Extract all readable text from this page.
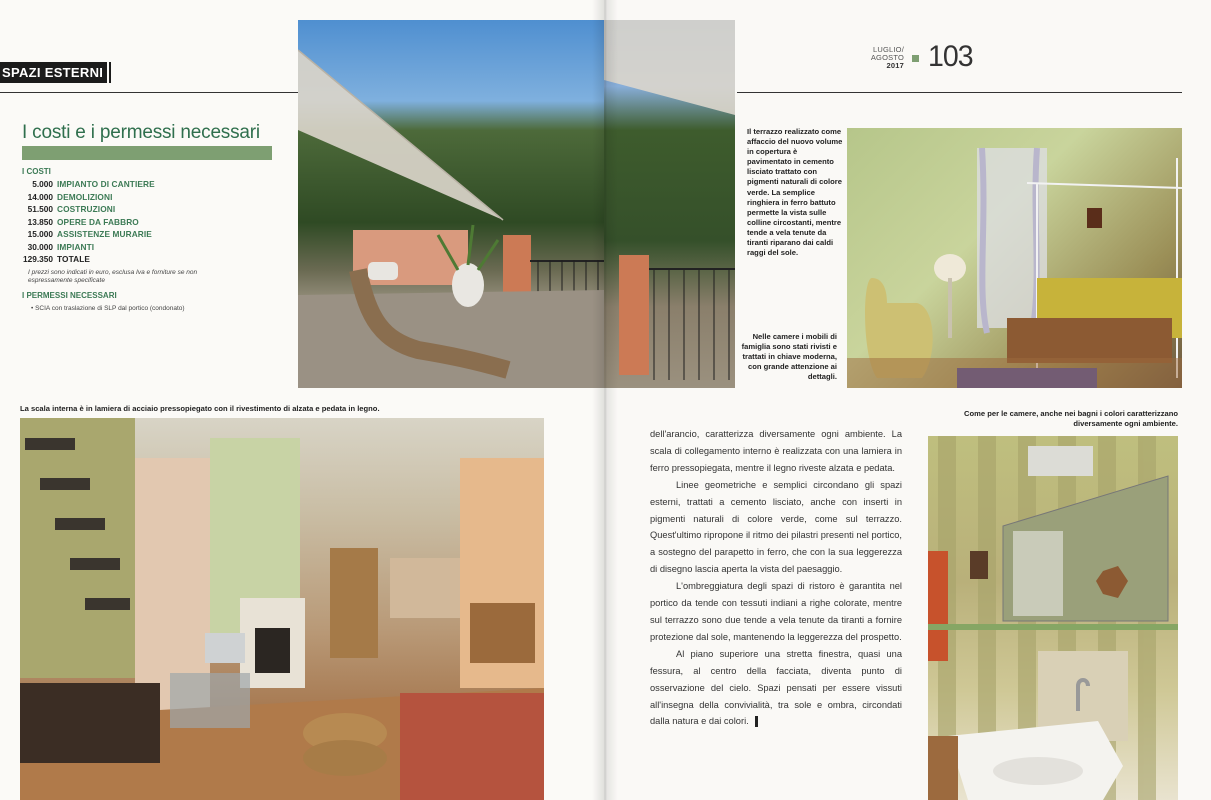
SPAZI ESTERNI
I costi e i permessi necessari
I COSTI
5.000 IMPIANTO DI CANTIERE
14.000 DEMOLIZIONI
51.500 COSTRUZIONI
13.850 OPERE DA FABBRO
15.000 ASSISTENZE MURARIE
30.000 IMPIANTI
129.350 TOTALE
I prezzi sono indicati in euro, esclusa Iva e forniture se non
espressamente specificate
I PERMESSI NECESSARI
• SCIA con traslazione di SLP dal portico (condonato)
La scala interna è in lamiera di acciaio pressopiegato con il rivestimento di alzata e pedata in legno.
LUGLIO/
AGOSTO
2017 103
Il terrazzo realizzato come affaccio del nuovo volume in copertura è pavimentato in cemento lisciato trattato con pigmenti naturali di colore verde. La semplice ringhiera in ferro battuto permette la vista sulle colline circostanti, mentre tende a vela tenute da tiranti riparano dai caldi raggi del sole.
Nelle camere i mobili di famiglia sono stati rivisti e trattati in chiave moderna, con grande attenzione ai dettagli.
Come per le camere, anche nei bagni i colori caratterizzano
diversamente ogni ambiente.

dell'arancio, caratterizza diversamente ogni ambiente. La scala di collegamento interno è realizzata con una lamiera in ferro pressopiegata, mentre il legno riveste alzata e pedata.

Linee geometriche e semplici circondano gli spazi esterni, trattati a cemento lisciato, anche con inserti in pigmenti naturali di colore verde, come sul terrazzo. Quest'ultimo ripropone il ritmo dei pilastri presenti nel portico, a sostegno del parapetto in ferro, che con la sua leggerezza di disegno lascia aperta la vista del paesaggio.

L'ombreggiatura degli spazi di ristoro è garantita nel portico da tende con tessuti indiani a righe colorate, mentre sul terrazzo sono due tende a vela tenute da tiranti a fornire protezione dal sole, mantenendo la leggerezza del prospetto.

Al piano superiore una stretta finestra, quasi una fessura, al centro della facciata, diventa punto di osservazione del cielo. Spazi pensati per essere vissuti all'insegna della convivialità, tra sole e ombra, circondati dalla natura e dai colori.
